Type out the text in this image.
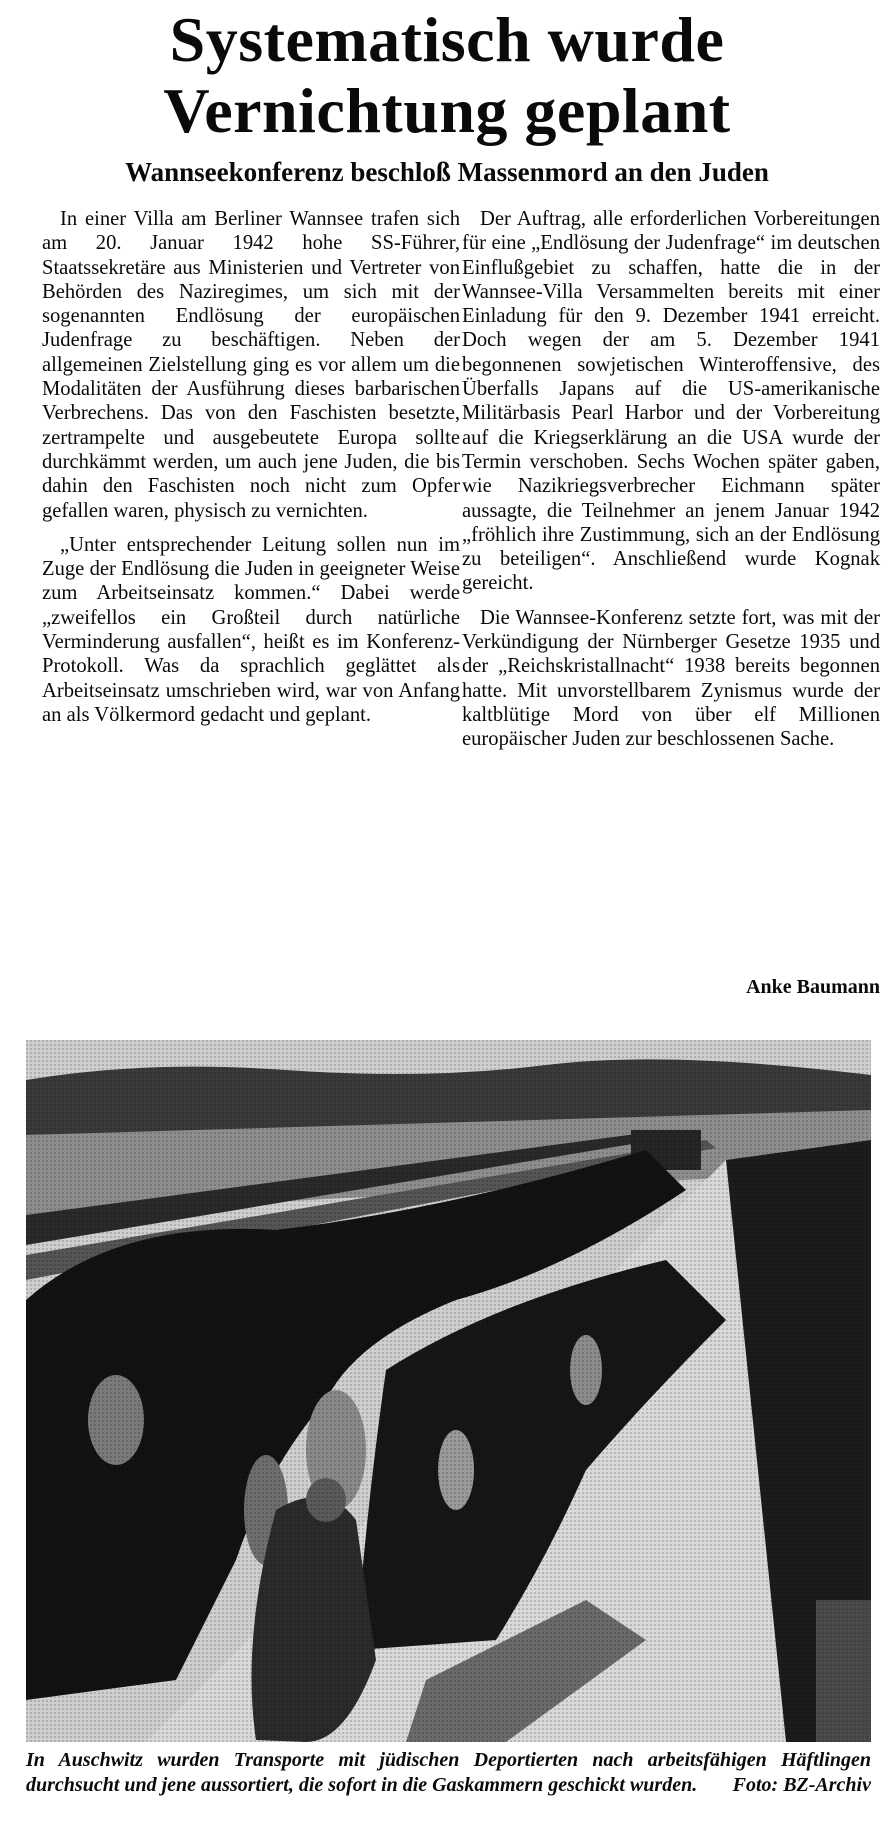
Systematisch wurde
Vernichtung geplant
Wannseekonferenz beschloß Massenmord an den Juden

In einer Villa am Berliner Wannsee trafen sich am 20. Januar 1942 hohe SS-Führer, Staatssekretäre aus Ministerien und Vertreter von Behörden des Naziregimes, um sich mit der sogenannten Endlösung der europäischen Judenfrage zu beschäftigen. Neben der allgemeinen Zielstellung ging es vor allem um die Modalitäten der Ausführung dieses barbarischen Verbrechens. Das von den Faschisten besetzte, zertrampelte und ausgebeutete Europa sollte durchkämmt werden, um auch jene Juden, die bis dahin den Faschisten noch nicht zum Opfer gefallen waren, physisch zu vernichten.

„Unter entsprechender Leitung sollen nun im Zuge der Endlösung die Juden in geeigneter Weise zum Arbeitseinsatz kommen.“ Dabei werde „zweifellos ein Großteil durch natürliche Verminderung ausfallen“, heißt es im Konferenz-Protokoll. Was da sprachlich geglättet als Arbeitseinsatz umschrieben wird, war von Anfang an als Völkermord gedacht und geplant.

Der Auftrag, alle erforderlichen Vorbereitungen für eine „Endlösung der Judenfrage“ im deutschen Einflußgebiet zu schaffen, hatte die in der Wannsee-Villa Versammelten bereits mit einer Einladung für den 9. Dezember 1941 erreicht. Doch wegen der am 5. Dezember 1941 begonnenen sowjetischen Winteroffensive, des Überfalls Japans auf die US-amerikanische Militärbasis Pearl Harbor und der Vorbereitung auf die Kriegserklärung an die USA wurde der Termin verschoben. Sechs Wochen später gaben, wie Nazikriegsverbrecher Eichmann später aussagte, die Teilnehmer an jenem Januar 1942 „fröhlich ihre Zustimmung, sich an der Endlösung zu beteiligen“. Anschließend wurde Kognak gereicht.

Die Wannsee-Konferenz setzte fort, was mit der Verkündigung der Nürnberger Gesetze 1935 und der „Reichskristallnacht“ 1938 bereits begonnen hatte. Mit unvorstellbarem Zynismus wurde der kaltblütige Mord von über elf Millionen europäischer Juden zur beschlossenen Sache.

Anke Baumann

In Auschwitz wurden Transporte mit jüdischen Deportierten nach arbeitsfähigen Häftlingen durchsucht und jene aussortiert, die sofort in die Gaskammern geschickt wurden. Foto: BZ-Archiv
